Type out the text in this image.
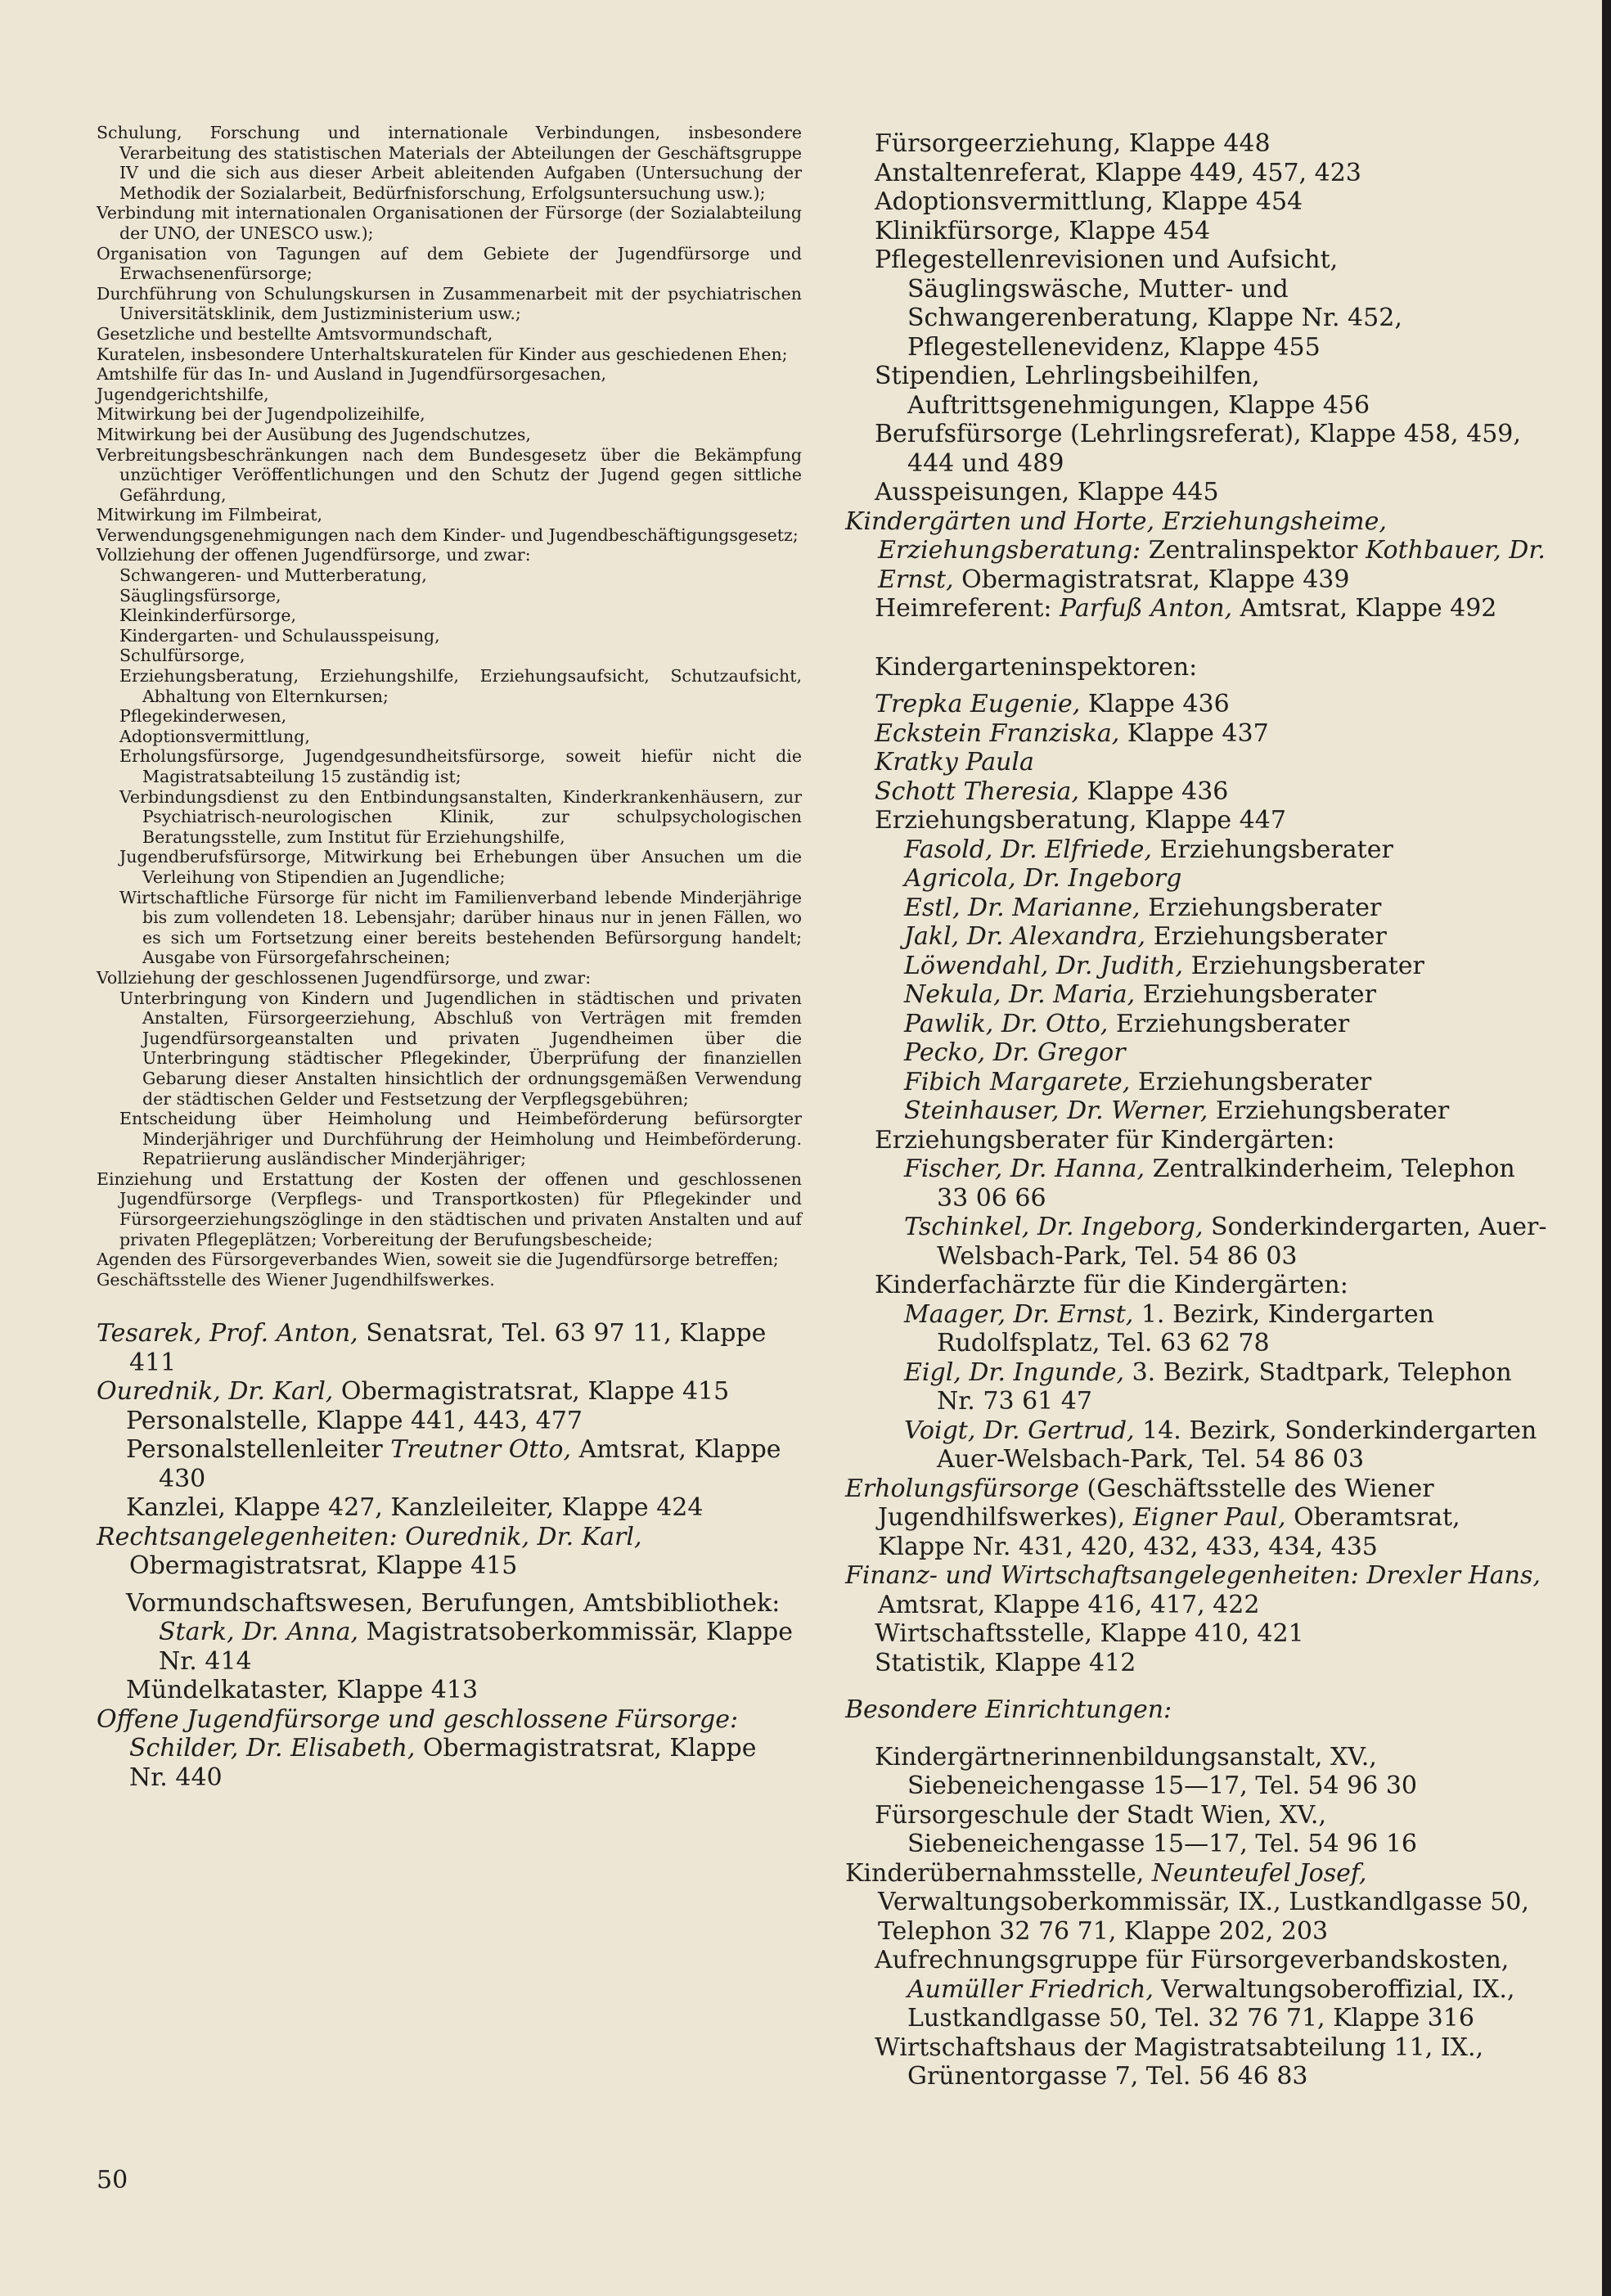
Schulung, Forschung und internationale Verbindungen, insbesondere Verarbeitung des statistischen Materials der Abteilungen der Geschäftsgruppe IV und die sich aus dieser Arbeit ableitenden Aufgaben (Untersuchung der Methodik der Sozialarbeit, Bedürfnisforschung, Erfolgsuntersuchung usw.);
Verbindung mit internationalen Organisationen der Fürsorge (der Sozialabteilung der UNO, der UNESCO usw.);
Organisation von Tagungen auf dem Gebiete der Jugendfürsorge und Erwachsenenfürsorge;
Durchführung von Schulungskursen in Zusammenarbeit mit der psychiatrischen Universitätsklinik, dem Justizministerium usw.;
Gesetzliche und bestellte Amtsvormundschaft,
Kuratelen, insbesondere Unterhaltskuratelen für Kinder aus geschiedenen Ehen;
Amtshilfe für das In- und Ausland in Jugendfürsorgesachen,
Jugendgerichtshilfe,
Mitwirkung bei der Jugendpolizeihilfe,
Mitwirkung bei der Ausübung des Jugendschutzes,
Verbreitungsbeschränkungen nach dem Bundesgesetz über die Bekämpfung unzüchtiger Veröffentlichungen und den Schutz der Jugend gegen sittliche Gefährdung,
Mitwirkung im Filmbeirat,
Verwendungsgenehmigungen nach dem Kinder- und Jugendbeschäftigungsgesetz;
Vollziehung der offenen Jugendfürsorge, und zwar:
Schwangeren- und Mutterberatung,
Säuglingsfürsorge,
Kleinkinderfürsorge,
Kindergarten- und Schulausspeisung,
Schulfürsorge,
Erziehungsberatung, Erziehungshilfe, Erziehungsaufsicht, Schutzaufsicht, Abhaltung von Elternkursen;
Pflegekinderwesen,
Adoptionsvermittlung,
Erholungsfürsorge, Jugendgesundheitsfürsorge, soweit hiefür nicht die Magistratsabteilung 15 zuständig ist;
Verbindungsdienst zu den Entbindungsanstalten, Kinderkrankenhäusern, zur Psychiatrisch-neurologischen Klinik, zur schulpsychologischen Beratungsstelle, zum Institut für Erziehungshilfe,
Jugendberufsfürsorge, Mitwirkung bei Erhebungen über Ansuchen um die Verleihung von Stipendien an Jugendliche;
Wirtschaftliche Fürsorge für nicht im Familienverband lebende Minderjährige bis zum vollendeten 18. Lebensjahr; darüber hinaus nur in jenen Fällen, wo es sich um Fortsetzung einer bereits bestehenden Befürsorgung handelt; Ausgabe von Fürsorgefahrscheinen;
Vollziehung der geschlossenen Jugendfürsorge, und zwar:
Unterbringung von Kindern und Jugendlichen in städtischen und privaten Anstalten, Fürsorgeerziehung, Abschluß von Verträgen mit fremden Jugendfürsorgeanstalten und privaten Jugendheimen über die Unterbringung städtischer Pflegekinder, Überprüfung der finanziellen Gebarung dieser Anstalten hinsichtlich der ordnungsgemäßen Verwendung der städtischen Gelder und Festsetzung der Verpflegsgebühren;
Entscheidung über Heimholung und Heimbeförderung befürsorgter Minderjähriger und Durchführung der Heimholung und Heimbeförderung. Repatriierung ausländischer Minderjähriger;
Einziehung und Erstattung der Kosten der offenen und geschlossenen Jugendfürsorge (Verpflegs- und Transportkosten) für Pflegekinder und Fürsorgeerziehungszöglinge in den städtischen und privaten Anstalten und auf privaten Pflegeplätzen; Vorbereitung der Berufungsbescheide;
Agenden des Fürsorgeverbandes Wien, soweit sie die Jugendfürsorge betreffen;
Geschäftsstelle des Wiener Jugendhilfswerkes.
Tesarek, Prof. Anton, Senatsrat, Tel. 63 97 11, Klappe 411
Ourednik, Dr. Karl, Obermagistratsrat, Klappe 415
Personalstelle, Klappe 441, 443, 477
Personalstellenleiter Treutner Otto, Amtsrat, Klappe 430
Kanzlei, Klappe 427, Kanzleileiter, Klappe 424
Rechtsangelegenheiten: Ourednik, Dr. Karl, Obermagistratsrat, Klappe 415
Vormundschaftswesen, Berufungen, Amtsbibliothek: Stark, Dr. Anna, Magistratsoberkommissär, Klappe Nr. 414
Mündelkataster, Klappe 413
Offene Jugendfürsorge und geschlossene Fürsorge: Schilder, Dr. Elisabeth, Obermagistratsrat, Klappe Nr. 440
Fürsorgeerziehung, Klappe 448
Anstaltenreferat, Klappe 449, 457, 423
Adoptionsvermittlung, Klappe 454
Klinikfürsorge, Klappe 454
Pflegestellenrevisionen und Aufsicht, Säuglingswäsche, Mutter- und Schwangerenberatung, Klappe Nr. 452, Pflegestellenevidenz, Klappe 455
Stipendien, Lehrlingsbeihilfen, Auftrittsgenehmigungen, Klappe 456
Berufsfürsorge (Lehrlingsreferat), Klappe 458, 459, 444 und 489
Ausspeisungen, Klappe 445
Kindergärten und Horte, Erziehungsheime, Erziehungsberatung: Zentralinspektor Kothbauer, Dr. Ernst, Obermagistratsrat, Klappe 439
Heimreferent: Parfuß Anton, Amtsrat, Klappe 492
Kindergarteninspektoren:
Trepka Eugenie, Klappe 436
Eckstein Franziska, Klappe 437
Kratky Paula
Schott Theresia, Klappe 436
Erziehungsberatung, Klappe 447
Fasold, Dr. Elfriede, Erziehungsberater
Agricola, Dr. Ingeborg
Estl, Dr. Marianne, Erziehungsberater
Jakl, Dr. Alexandra, Erziehungsberater
Löwendahl, Dr. Judith, Erziehungsberater
Nekula, Dr. Maria, Erziehungsberater
Pawlik, Dr. Otto, Erziehungsberater
Pecko, Dr. Gregor
Fibich Margarete, Erziehungsberater
Steinhauser, Dr. Werner, Erziehungsberater
Erziehungsberater für Kindergärten:
Fischer, Dr. Hanna, Zentralkinderheim, Telephon 33 06 66
Tschinkel, Dr. Ingeborg, Sonderkindergarten, Auer-Welsbach-Park, Tel. 54 86 03
Kinderfachärzte für die Kindergärten:
Maager, Dr. Ernst, 1. Bezirk, Kindergarten Rudolfsplatz, Tel. 63 62 78
Eigl, Dr. Ingunde, 3. Bezirk, Stadtpark, Telephon Nr. 73 61 47
Voigt, Dr. Gertrud, 14. Bezirk, Sonderkindergarten Auer-Welsbach-Park, Tel. 54 86 03
Erholungsfürsorge (Geschäftsstelle des Wiener Jugendhilfswerkes), Eigner Paul, Oberamtsrat, Klappe Nr. 431, 420, 432, 433, 434, 435
Finanz- und Wirtschaftsangelegenheiten: Drexler Hans, Amtsrat, Klappe 416, 417, 422
Wirtschaftsstelle, Klappe 410, 421
Statistik, Klappe 412
Besondere Einrichtungen:
Kindergärtnerinnenbildungsanstalt, XV., Siebeneichengasse 15—17, Tel. 54 96 30
Fürsorgeschule der Stadt Wien, XV., Siebeneichengasse 15—17, Tel. 54 96 16
Kinderübernahmsstelle, Neunteufel Josef, Verwaltungsoberkommissär, IX., Lustkandlgasse 50, Telephon 32 76 71, Klappe 202, 203
Aufrechnungsgruppe für Fürsorgeverbandskosten, Aumüller Friedrich, Verwaltungsoberoffizial, IX., Lustkandlgasse 50, Tel. 32 76 71, Klappe 316
Wirtschaftshaus der Magistratsabteilung 11, IX., Grünentorgasse 7, Tel. 56 46 83
50
